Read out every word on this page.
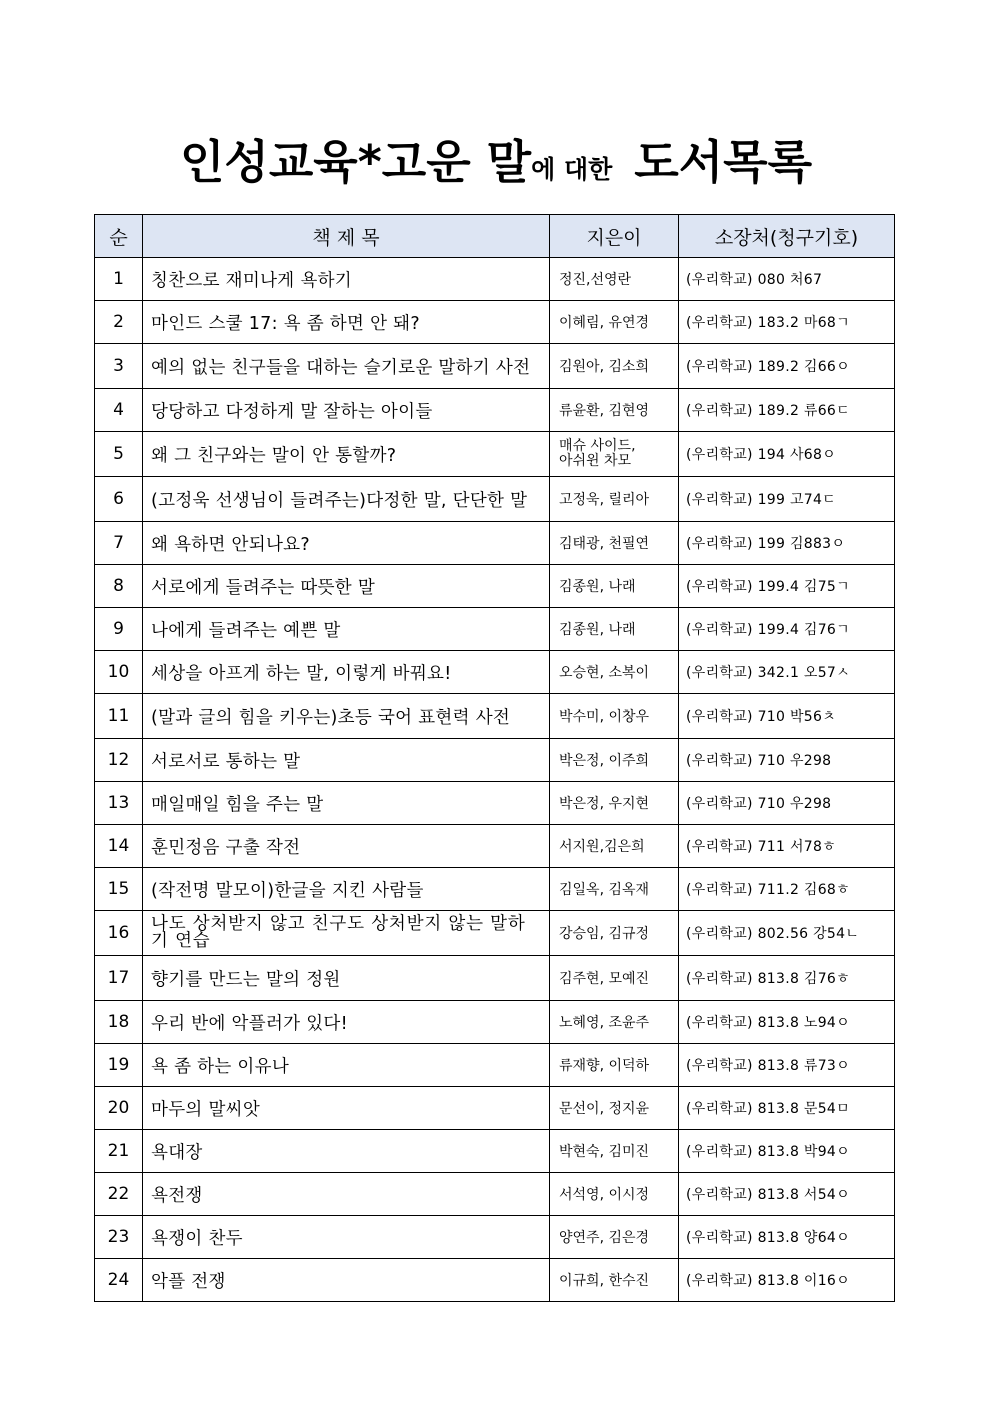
인성교육*고운 말에 대한 도서목록
순	책 제 목	지은이	소장처(청구기호)
1	칭찬으로 재미나게 욕하기	정진,선영란	(우리학교) 080 처67
2	마인드 스쿨 17: 욕 좀 하면 안 돼?	이혜림, 유연경	(우리학교) 183.2 마68ㄱ
3	예의 없는 친구들을 대하는 슬기로운 말하기 사전	김원아, 김소희	(우리학교) 189.2 김66ㅇ
4	당당하고 다정하게 말 잘하는 아이들	류윤환, 김현영	(우리학교) 189.2 류66ㄷ
5	왜 그 친구와는 말이 안 통할까?	매슈 사이드, 아쉬윈 차모	(우리학교) 194 사68ㅇ
6	(고정욱 선생님이 들려주는)다정한 말, 단단한 말	고정욱, 릴리아	(우리학교) 199 고74ㄷ
7	왜 욕하면 안되나요?	김태광, 천필연	(우리학교) 199 김883ㅇ
8	서로에게 들려주는 따뜻한 말	김종원, 나래	(우리학교) 199.4 김75ㄱ
9	나에게 들려주는 예쁜 말	김종원, 나래	(우리학교) 199.4 김76ㄱ
10	세상을 아프게 하는 말, 이렇게 바꿔요!	오승현, 소복이	(우리학교) 342.1 오57ㅅ
11	(말과 글의 힘을 키우는)초등 국어 표현력 사전	박수미, 이창우	(우리학교) 710 박56ㅊ
12	서로서로 통하는 말	박은정, 이주희	(우리학교) 710 우298
13	매일매일 힘을 주는 말	박은정, 우지현	(우리학교) 710 우298
14	훈민정음 구출 작전	서지원,김은희	(우리학교) 711 서78ㅎ
15	(작전명 말모이)한글을 지킨 사람들	김일옥, 김옥재	(우리학교) 711.2 김68ㅎ
16	나도 상처받지 않고 친구도 상처받지 않는 말하기 연습	강승임, 김규정	(우리학교) 802.56 강54ㄴ
17	향기를 만드는 말의 정원	김주현, 모예진	(우리학교) 813.8 김76ㅎ
18	우리 반에 악플러가 있다!	노혜영, 조윤주	(우리학교) 813.8 노94ㅇ
19	욕 좀 하는 이유나	류재향, 이덕하	(우리학교) 813.8 류73ㅇ
20	마두의 말씨앗	문선이, 정지윤	(우리학교) 813.8 문54ㅁ
21	욕대장	박현숙, 김미진	(우리학교) 813.8 박94ㅇ
22	욕전쟁	서석영, 이시정	(우리학교) 813.8 서54ㅇ
23	욕쟁이 찬두	양연주, 김은경	(우리학교) 813.8 양64ㅇ
24	악플 전쟁	이규희, 한수진	(우리학교) 813.8 이16ㅇ
